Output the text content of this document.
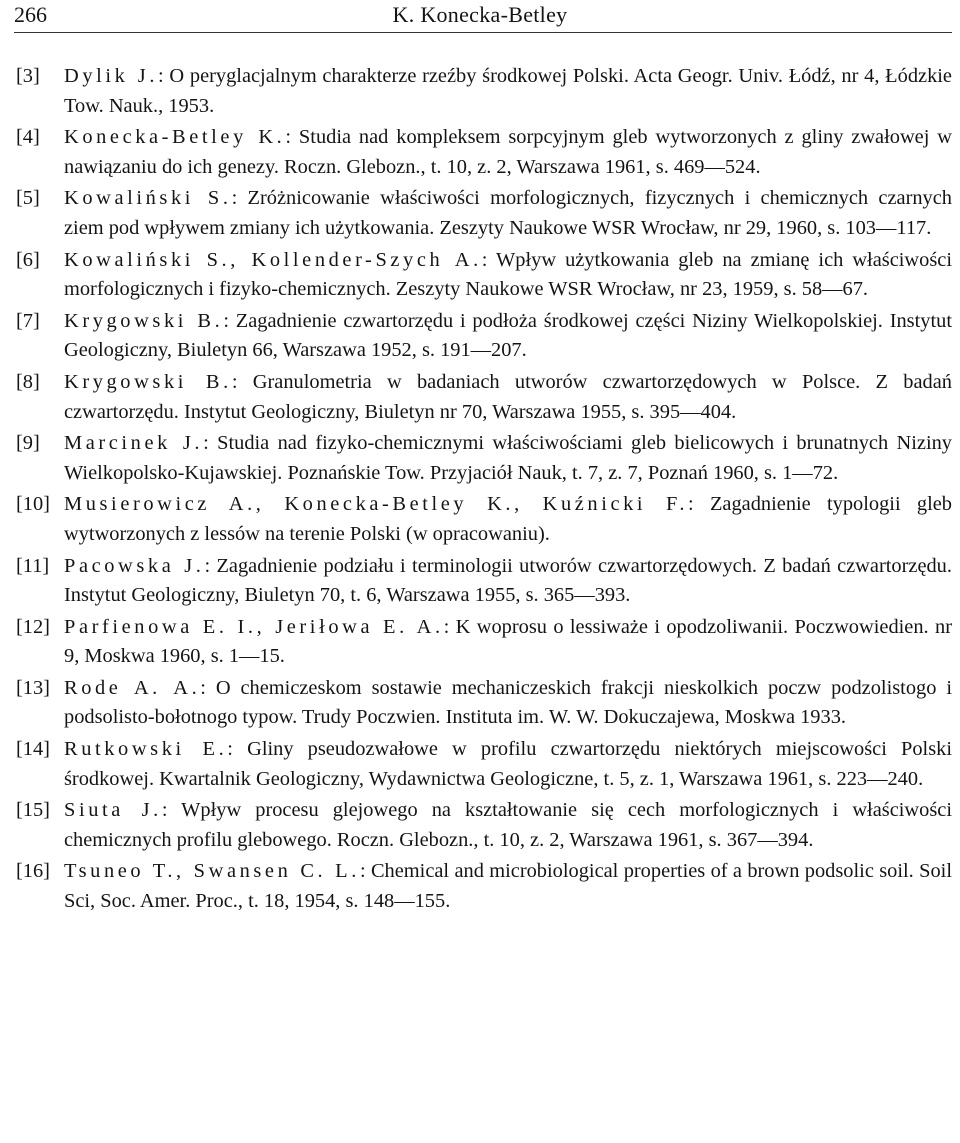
266	K. Konecka-Betley
[3] Dylik J.: O peryglacjalnym charakterze rzeźby środkowej Polski. Acta Geogr. Univ. Łódź, nr 4, Łódzkie Tow. Nauk., 1953.
[4] Konecka-Betley K.: Studia nad kompleksem sorpcyjnym gleb wytworzonych z gliny zwałowej w nawiązaniu do ich genezy. Roczn. Glebozn., t. 10, z. 2, Warszawa 1961, s. 469—524.
[5] Kowaliński S.: Zróżnicowanie właściwości morfologicznych, fizycznych i chemicznych czarnych ziem pod wpływem zmiany ich użytkowania. Zeszyty Naukowe WSR Wrocław, nr 29, 1960, s. 103—117.
[6] Kowaliński S., Kollender-Szych A.: Wpływ użytkowania gleb na zmianę ich właściwości morfologicznych i fizyko-chemicznych. Zeszyty Naukowe WSR Wrocław, nr 23, 1959, s. 58—67.
[7] Krygowski B.: Zagadnienie czwartorzędu i podłoża środkowej części Niziny Wielkopolskiej. Instytut Geologiczny, Biuletyn 66, Warszawa 1952, s. 191—207.
[8] Krygowski B.: Granulometria w badaniach utworów czwartorzędowych w Polsce. Z badań czwartorzędu. Instytut Geologiczny, Biuletyn nr 70, Warszawa 1955, s. 395—404.
[9] Marcinek J.: Studia nad fizyko-chemicznymi właściwościami gleb bielicowych i brunatnych Niziny Wielkopolsko-Kujawskiej. Poznańskie Tow. Przyjaciół Nauk, t. 7, z. 7, Poznań 1960, s. 1—72.
[10] Musierowicz A., Konecka-Betley K., Kuźnicki F.: Zagadnienie typologii gleb wytworzonych z lessów na terenie Polski (w opracowaniu).
[11] Pacowska J.: Zagadnienie podziału i terminologii utworów czwartorzędowych. Z badań czwartorzędu. Instytut Geologiczny, Biuletyn 70, t. 6, Warszawa 1955, s. 365—393.
[12] Parfienowa E. I., Jeriłowa E. A.: K woprosu o lessiważe i opodzoliwanii. Poczwowiedien. nr 9, Moskwa 1960, s. 1—15.
[13] Rode A. A.: O chemiczeskom sostawie mechaniczeskich frakcji nieskolkich poczw podzolistogo i podsolisto-bołotnogo typow. Trudy Poczwien. Instituta im. W. W. Dokuczajewa, Moskwa 1933.
[14] Rutkowski E.: Gliny pseudozwałowe w profilu czwartorzędu niektórych miejscowości Polski środkowej. Kwartalnik Geologiczny, Wydawnictwa Geologiczne, t. 5, z. 1, Warszawa 1961, s. 223—240.
[15] Siuta J.: Wpływ procesu glejowego na kształtowanie się cech morfologicznych i właściwości chemicznych profilu glebowego. Roczn. Glebozn., t. 10, z. 2, Warszawa 1961, s. 367—394.
[16] Tsuneo T., Swansen C. L.: Chemical and microbiological properties of a brown podsolic soil. Soil Sci, Soc. Amer. Proc., t. 18, 1954, s. 148—155.
